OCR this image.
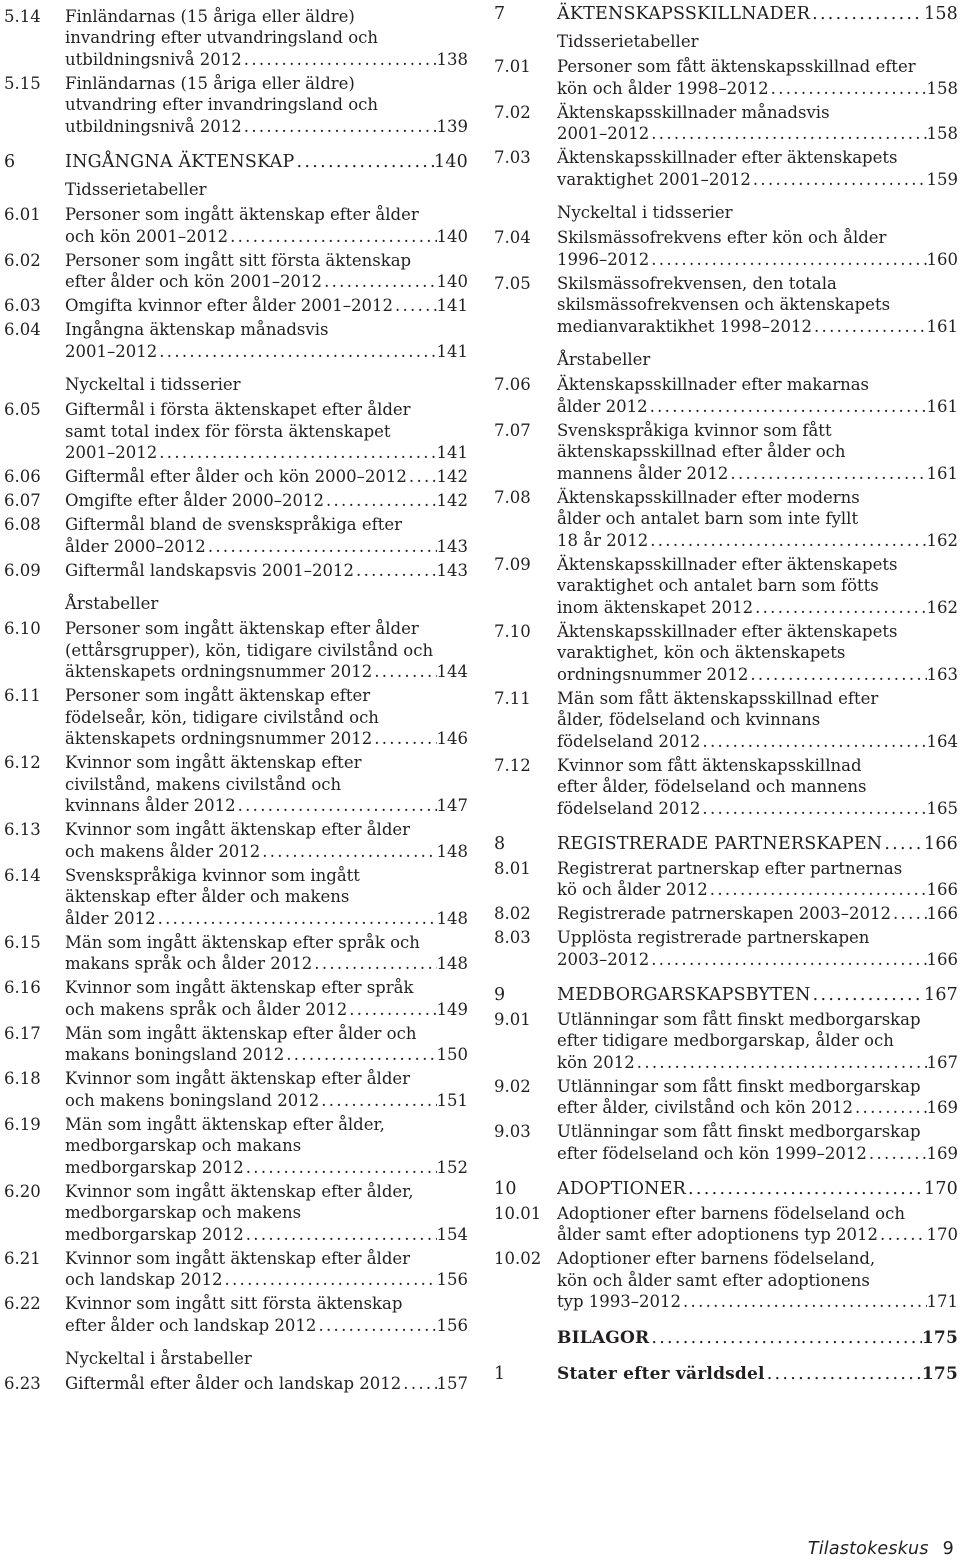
5.14	Finländarnas (15 åriga eller äldre)
invandring efter utvandringsland och
utbildningsnivå 2012 .....	138
5.15	Finländarnas (15 åriga eller äldre)
utvandring efter invandringsland och
utbildningsnivå 2012 .....	139
6	INGÅNGNA ÄKTENSKAP .....	140
Tidsserietabeller
6.01	Personer som ingått äktenskap efter ålder
och kön 2001–2012 .....	140
6.02	Personer som ingått sitt första äktenskap
efter ålder och kön 2001–2012 .....	140
6.03	Omgifta kvinnor efter ålder 2001–2012 .....	141
6.04	Ingångna äktenskap månadsvis
2001–2012 .....	141
Nyckeltal i tidsserier
6.05	Giftermål i första äktenskapet efter ålder
samt total index för första äktenskapet
2001–2012 .....	141
6.06	Giftermål efter ålder och kön 2000–2012 ..... 142
6.07	Omgifte efter ålder 2000–2012 .....	142
6.08	Giftermål bland de svenskspråkiga efter
ålder 2000–2012 .....	143
6.09	Giftermål landskapsvis 2001–2012 .....	143
Årstabeller
6.10	Personer som ingått äktenskap efter ålder
(ettårsgrupper), kön, tidigare civilstånd och
äktenskapets ordningsnummer 2012 .....	144
6.11	Personer som ingått äktenskap efter
födelseår, kön, tidigare civilstånd och
äktenskapets ordningsnummer 2012 .....	146
6.12	Kvinnor som ingått äktenskap efter
civilstånd, makens civilstånd och
kvinnans ålder 2012 .....	147
6.13	Kvinnor som ingått äktenskap efter ålder
och makens ålder 2012 .....	148
6.14	Svenskspråkiga kvinnor som ingått
äktenskap efter ålder och makens
ålder 2012 .....	148
6.15	Män som ingått äktenskap efter språk och
makans språk och ålder 2012 .....	148
6.16	Kvinnor som ingått äktenskap efter språk
och makens språk och ålder 2012 .....	149
6.17	Män som ingått äktenskap efter ålder och
makans boningsland 2012 .....	150
6.18	Kvinnor som ingått äktenskap efter ålder
och makens boningsland 2012 .....	151
6.19	Män som ingått äktenskap efter ålder,
medborgarskap och makans
medborgarskap 2012 .....	152
6.20	Kvinnor som ingått äktenskap efter ålder,
medborgarskap och makens
medborgarskap 2012 .....	154
6.21	Kvinnor som ingått äktenskap efter ålder
och landskap 2012 .....	156
6.22	Kvinnor som ingått sitt första äktenskap
efter ålder och landskap 2012 .....	156
Nyckeltal i årstabeller
6.23	Giftermål efter ålder och landskap 2012 ..... 157
7	ÄKTENSKAPSSKILLNADER .....	158
Tidsserietabeller
7.01	Personer som fått äktenskapsskillnad efter
kön och ålder 1998–2012 .....	158
7.02	Äktenskapsskillnader månadsvis
2001–2012 .....	158
7.03	Äktenskapsskillnader efter äktenskapets
varaktighet 2001–2012 .....	159
Nyckeltal i tidsserier
7.04	Skilsmässofrekvens efter kön och ålder
1996–2012 .....	160
7.05	Skilsmässofrekvensen, den totala
skilsmässofrekvensen och äktenskapets
medianvaraktikhet 1998–2012 .....	161
Årstabeller
7.06	Äktenskapsskillnader efter makarnas
ålder 2012 .....	161
7.07	Svenskspråkiga kvinnor som fått
äktenskapsskillnad efter ålder och
mannens ålder 2012 .....	161
7.08	Äktenskapsskillnader efter moderns
ålder och antalet barn som inte fyllt
18 år 2012 .....	162
7.09	Äktenskapsskillnader efter äktenskapets
varaktighet och antalet barn som fötts
inom äktenskapet 2012 .....	162
7.10	Äktenskapsskillnader efter äktenskapets
varaktighet, kön och äktenskapets
ordningsnummer 2012 .....	163
7.11	Män som fått äktenskapsskillnad efter
ålder, födelseland och kvinnans
födelseland 2012 .....	164
7.12	Kvinnor som fått äktenskapsskillnad
efter ålder, födelseland och mannens
födelseland 2012 .....	165
8	REGISTRERADE PARTNERSKAPEN ..... 166
8.01	Registrerat partnerskap efter partnernas
kö och ålder 2012 .....	166
8.02	Registrerade patrnerskapen 2003–2012 ..... 166
8.03	Upplösta registrerade partnerskapen
2003–2012 .....	166
9	MEDBORGARSKAPSBYTEN .....	167
9.01	Utlänningar som fått finskt medborgarskap
efter tidigare medborgarskap, ålder och
kön 2012 .....	167
9.02	Utlänningar som fått finskt medborgarskap
efter ålder, civilstånd och kön 2012 .....	169
9.03	Utlänningar som fått finskt medborgarskap
efter födelseland och kön 1999–2012 .....	169
10	ADOPTIONER .....	170
10.01 Adoptioner efter barnens födelseland och
ålder samt efter adoptionens typ 2012 .....	170
10.02 Adoptioner efter barnens födelseland,
kön och ålder samt efter adoptionens
typ 1993–2012 .....	171
BILAGOR .....	175
1	Stater efter världsdel .....	175
Tilastokeskus 9
